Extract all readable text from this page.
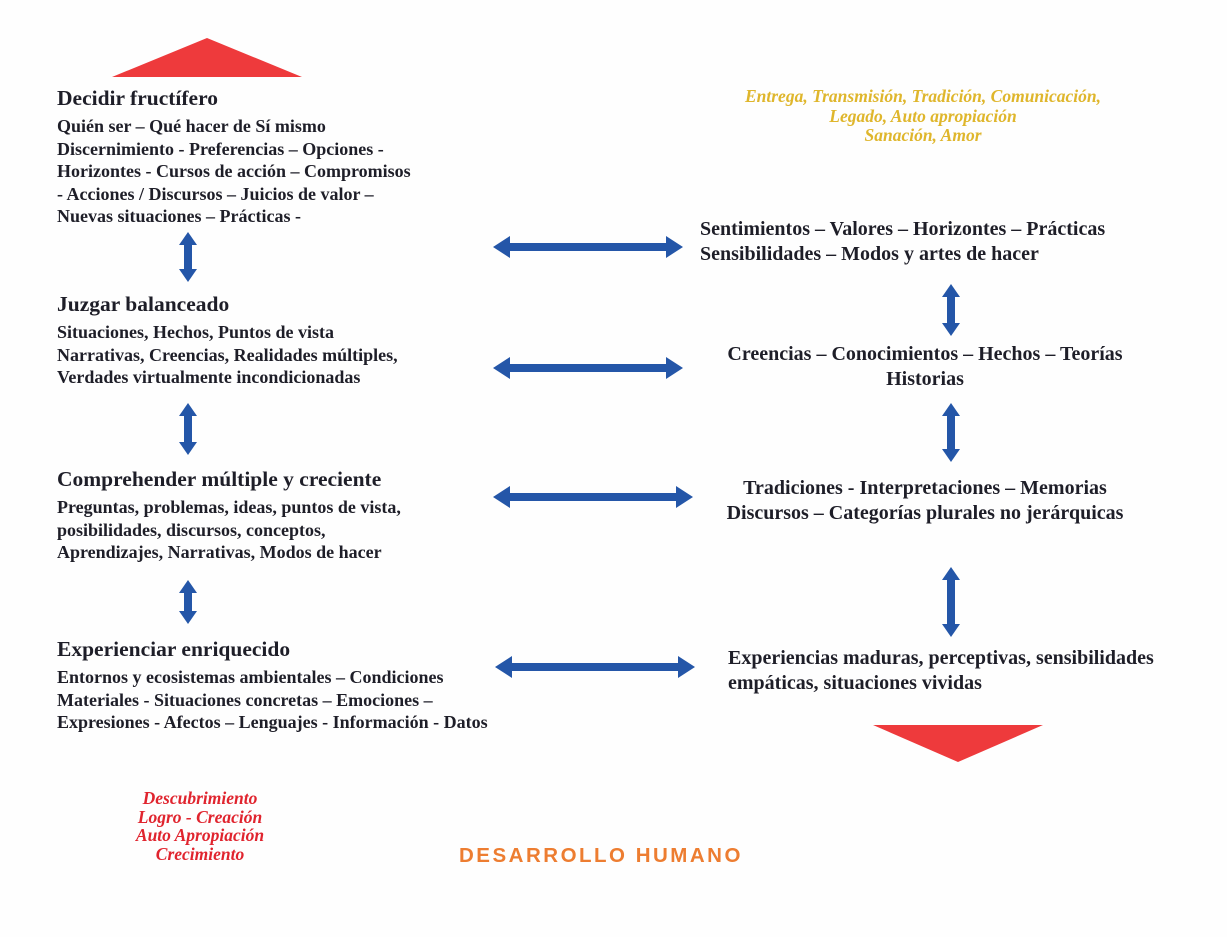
Decidir fructífero
Quién ser – Qué hacer de Sí mismo
Discernimiento - Preferencias – Opciones -
Horizontes - Cursos de acción – Compromisos
- Acciones / Discursos – Juicios de valor –
Nuevas situaciones – Prácticas -
Juzgar balanceado
Situaciones, Hechos, Puntos de vista
Narrativas, Creencias, Realidades múltiples,
Verdades virtualmente incondicionadas
Comprehender múltiple y creciente
Preguntas, problemas, ideas, puntos de vista,
posibilidades, discursos, conceptos,
Aprendizajes, Narrativas, Modos de hacer
Experienciar enriquecido
Entornos y ecosistemas ambientales – Condiciones
Materiales - Situaciones concretas – Emociones –
Expresiones - Afectos – Lenguajes - Información - Datos
Entrega, Transmisión, Tradición, Comunicación,
Legado, Auto apropiación
Sanación, Amor
Sentimientos – Valores – Horizontes – Prácticas
Sensibilidades – Modos y artes de hacer
Creencias – Conocimientos – Hechos – Teorías
Historias
Tradiciones - Interpretaciones – Memorias
Discursos – Categorías plurales no jerárquicas
Experiencias maduras, perceptivas, sensibilidades
empáticas, situaciones vividas
Descubrimiento
Logro - Creación
Auto Apropiación
Crecimiento	DESARROLLO HUMANO
